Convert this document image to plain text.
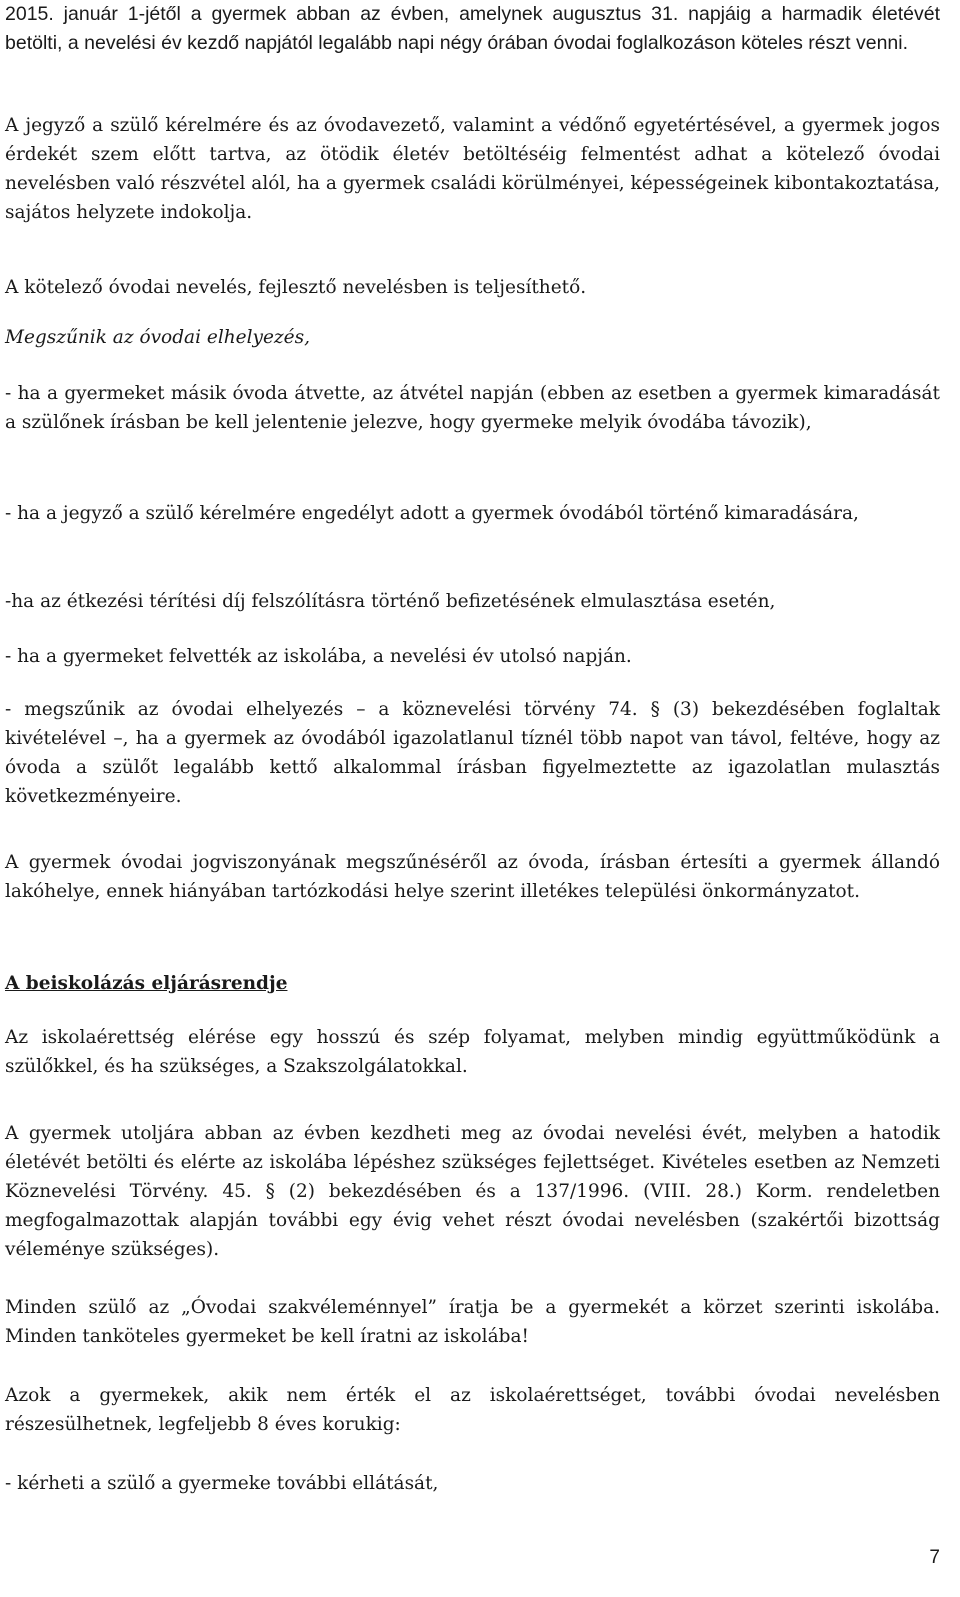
2015. január 1-jétől a gyermek abban az évben, amelynek augusztus 31. napjáig a harmadik életévét betölti, a nevelési év kezdő napjától legalább napi négy órában óvodai foglalkozáson köteles részt venni.

A jegyző a szülő kérelmére és az óvodavezető, valamint a védőnő egyetértésével, a gyermek jogos érdekét szem előtt tartva, az ötödik életév betöltéséig felmentést adhat a kötelező óvodai nevelésben való részvétel alól, ha a gyermek családi körülményei, képességeinek kibontakoztatása, sajátos helyzete indokolja.

A kötelező óvodai nevelés, fejlesztő nevelésben is teljesíthető.

Megszűnik az óvodai elhelyezés,

- ha a gyermeket másik óvoda átvette, az átvétel napján (ebben az esetben a gyermek kimaradását a szülőnek írásban be kell jelentenie jelezve, hogy gyermeke melyik óvodába távozik),

- ha a jegyző a szülő kérelmére engedélyt adott a gyermek óvodából történő kimaradására,

-ha az étkezési térítési díj felszólításra történő befizetésének elmulasztása esetén,

- ha a gyermeket felvették az iskolába, a nevelési év utolsó napján.

- megszűnik az óvodai elhelyezés – a köznevelési törvény 74. § (3) bekezdésében foglaltak kivételével –, ha a gyermek az óvodából igazolatlanul tíznél több napot van távol, feltéve, hogy az óvoda a szülőt legalább kettő alkalommal írásban figyelmeztette az igazolatlan mulasztás következményeire.

A gyermek óvodai jogviszonyának megszűnéséről az óvoda, írásban értesíti a gyermek állandó lakóhelye, ennek hiányában tartózkodási helye szerint illetékes települési önkormányzatot.

A beiskolázás eljárásrendje

Az iskolaérettség elérése egy hosszú és szép folyamat, melyben mindig együttműködünk a szülőkkel, és ha szükséges, a Szakszolgálatokkal.

A gyermek utoljára abban az évben kezdheti meg az óvodai nevelési évét, melyben a hatodik életévét betölti és elérte az iskolába lépéshez szükséges fejlettséget. Kivételes esetben az Nemzeti Köznevelési Törvény. 45. § (2) bekezdésében és a 137/1996. (VIII. 28.) Korm. rendeletben megfogalmazottak alapján további egy évig vehet részt óvodai nevelésben (szakértői bizottság véleménye szükséges).

Minden szülő az „Óvodai szakvéleménnyel” íratja be a gyermekét a körzet szerinti iskolába. Minden tanköteles gyermeket be kell íratni az iskolába!

Azok a gyermekek, akik nem érték el az iskolaérettséget, további óvodai nevelésben részesülhetnek, legfeljebb 8 éves korukig:

- kérheti a szülő a gyermeke további ellátását,

7
